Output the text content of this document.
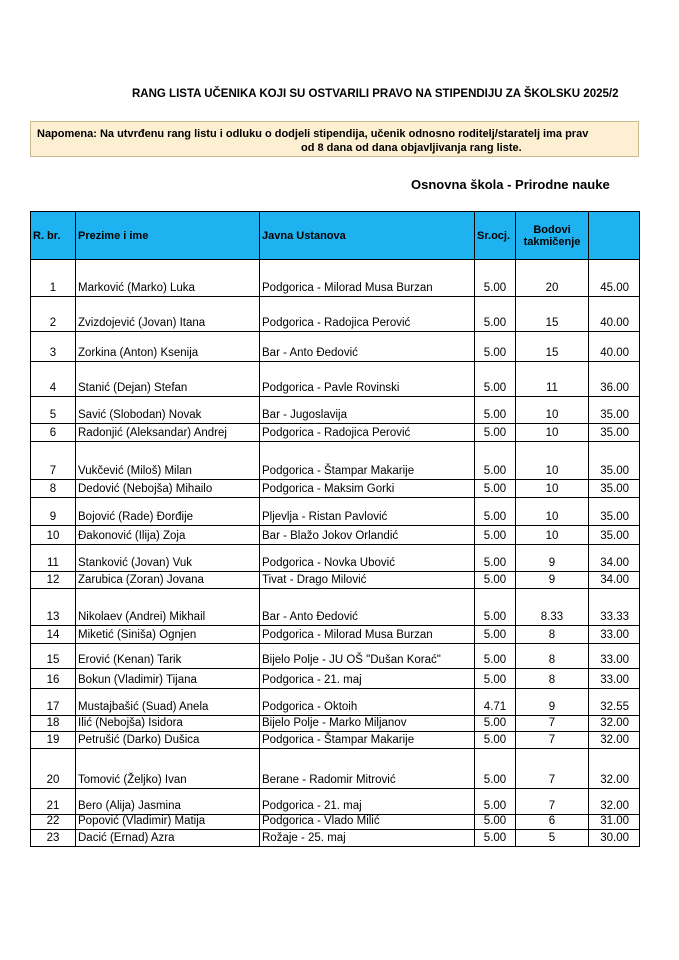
RANG LISTA UČENIKA KOJI SU OSTVARILI PRAVO NA STIPENDIJU ZA ŠKOLSKU 2025/2
Napomena: Na utvrđenu rang listu i odluku o dodjeli stipendija, učenik odnosno roditelj/staratelj ima prav
od 8 dana od dana objavljivanja rang liste.
Osnovna škola - Prirodne nauke
R. br.	Prezime i ime	Javna Ustanova	Sr.ocj.	Bodovi takmičenje	
1	Marković (Marko) Luka	Podgorica - Milorad Musa Burzan	5.00	20	45.00
2	Zvizdojević (Jovan) Itana	Podgorica - Radojica Perović	5.00	15	40.00
3	Zorkina (Anton) Ksenija	Bar - Anto Đedović	5.00	15	40.00
4	Stanić (Dejan) Stefan	Podgorica - Pavle Rovinski	5.00	11	36.00
5	Savić (Slobodan) Novak	Bar - Jugoslavija	5.00	10	35.00
6	Radonjić (Aleksandar) Andrej	Podgorica - Radojica Perović	5.00	10	35.00
7	Vukčević (Miloš) Milan	Podgorica - Štampar Makarije	5.00	10	35.00
8	Dedović (Nebojša) Mihailo	Podgorica - Maksim Gorki	5.00	10	35.00
9	Bojović (Rade) Đorđije	Pljevlja - Ristan Pavlović	5.00	10	35.00
10	Đakonović (Ilija) Zoja	Bar - Blažo Jokov Orlandić	5.00	10	35.00
11	Stanković (Jovan) Vuk	Podgorica - Novka Ubović	5.00	9	34.00
12	Zarubica (Zoran) Jovana	Tivat - Drago Milović	5.00	9	34.00
13	Nikolaev (Andrei) Mikhail	Bar - Anto Đedović	5.00	8.33	33.33
14	Miketić (Siniša) Ognjen	Podgorica - Milorad Musa Burzan	5.00	8	33.00
15	Erović (Kenan) Tarik	Bijelo Polje - JU OŠ "Dušan Korać"	5.00	8	33.00
16	Bokun (Vladimir) Tijana	Podgorica - 21. maj	5.00	8	33.00
17	Mustajbašić (Suad) Anela	Podgorica - Oktoih	4.71	9	32.55
18	Ilić (Nebojša) Isidora	Bijelo Polje - Marko Miljanov	5.00	7	32.00
19	Petrušić (Darko) Dušica	Podgorica - Štampar Makarije	5.00	7	32.00
20	Tomović (Željko) Ivan	Berane - Radomir Mitrović	5.00	7	32.00
21	Bero (Alija) Jasmina	Podgorica - 21. maj	5.00	7	32.00
22	Popović (Vladimir) Matija	Podgorica - Vlado Milić	5.00	6	31.00
23	Dacić (Ernad) Azra	Rožaje - 25. maj	5.00	5	30.00
